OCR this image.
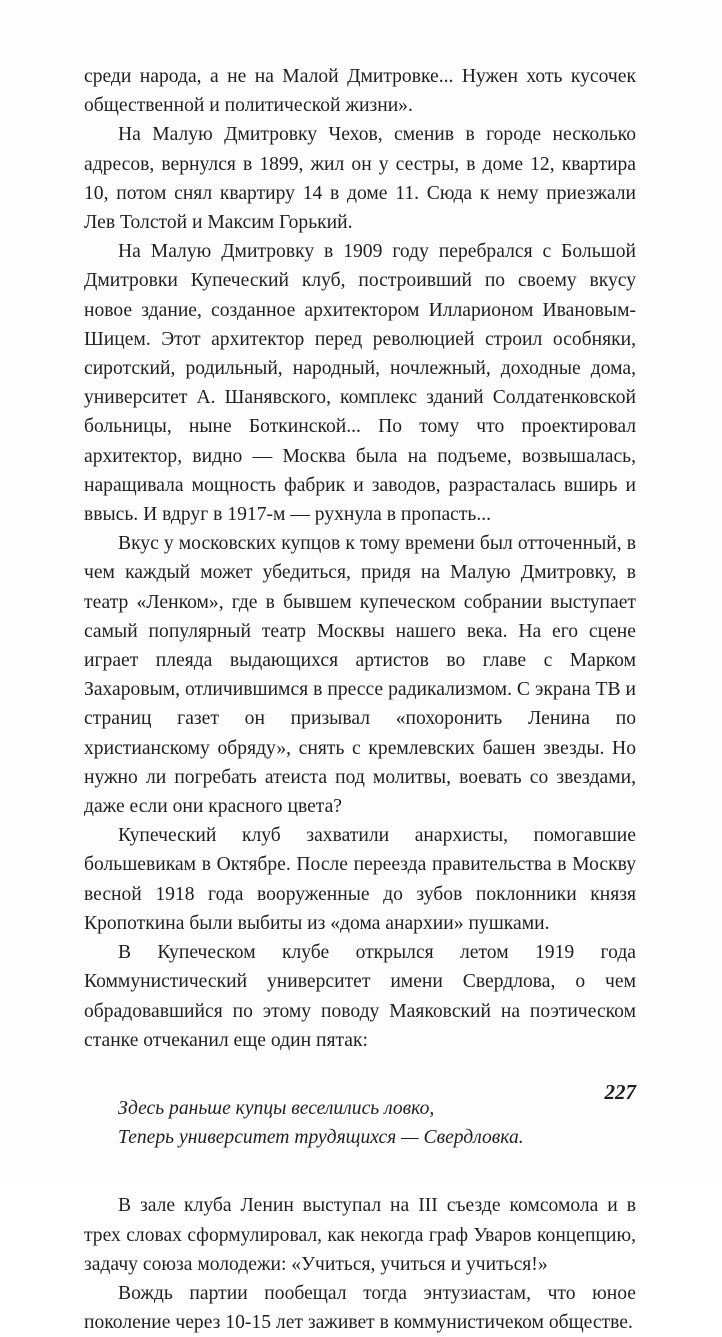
среди народа, а не на Малой Дмитровке... Нужен хоть кусочек общественной и политической жизни».

На Малую Дмитровку Чехов, сменив в городе несколько адресов, вернулся в 1899, жил он у сестры, в доме 12, квартира 10, потом снял квартиру 14 в доме 11. Сюда к нему приезжали Лев Толстой и Максим Горький.

На Малую Дмитровку в 1909 году перебрался с Большой Дмитровки Купеческий клуб, построивший по своему вкусу новое здание, созданное архитектором Илларионом Ивановым-Шицем. Этот архитектор перед революцией строил особняки, сиротский, родильный, народный, ночлежный, доходные дома, университет А. Шанявского, комплекс зданий Солдатенковской больницы, ныне Боткинской... По тому что проектировал архитектор, видно — Москва была на подъеме, возвышалась, наращивала мощность фабрик и заводов, разрасталась вширь и ввысь. И вдруг в 1917-м — рухнула в пропасть...

Вкус у московских купцов к тому времени был отточенный, в чем каждый может убедиться, придя на Малую Дмитровку, в театр «Ленком», где в бывшем купеческом собрании выступает самый популярный театр Москвы нашего века. На его сцене играет плеяда выдающихся артистов во главе с Марком Захаровым, отличившимся в прессе радикализмом. С экрана ТВ и страниц газет он призывал «похоронить Ленина по христианскому обряду», снять с кремлевских башен звезды. Но нужно ли погребать атеиста под молитвы, воевать со звездами, даже если они красного цвета?

Купеческий клуб захватили анархисты, помогавшие большевикам в Октябре. После переезда правительства в Москву весной 1918 года вооруженные до зубов поклонники князя Кропоткина были выбиты из «дома анархии» пушками.

В Купеческом клубе открылся летом 1919 года Коммунистический университет имени Свердлова, о чем обрадовавшийся по этому поводу Маяковский на поэтическом станке отчеканил еще один пятак:

Здесь раньше купцы веселились ловко,
Теперь университет трудящихся — Свердловка.

В зале клуба Ленин выступал на III съезде комсомола и в трех словах сформулировал, как некогда граф Уваров концепцию, задачу союза молодежи: «Учиться, учиться и учиться!»

Вождь партии пообещал тогда энтузиастам, что юное поколение через 10-15 лет заживет в коммунистичеком обществе.

227
